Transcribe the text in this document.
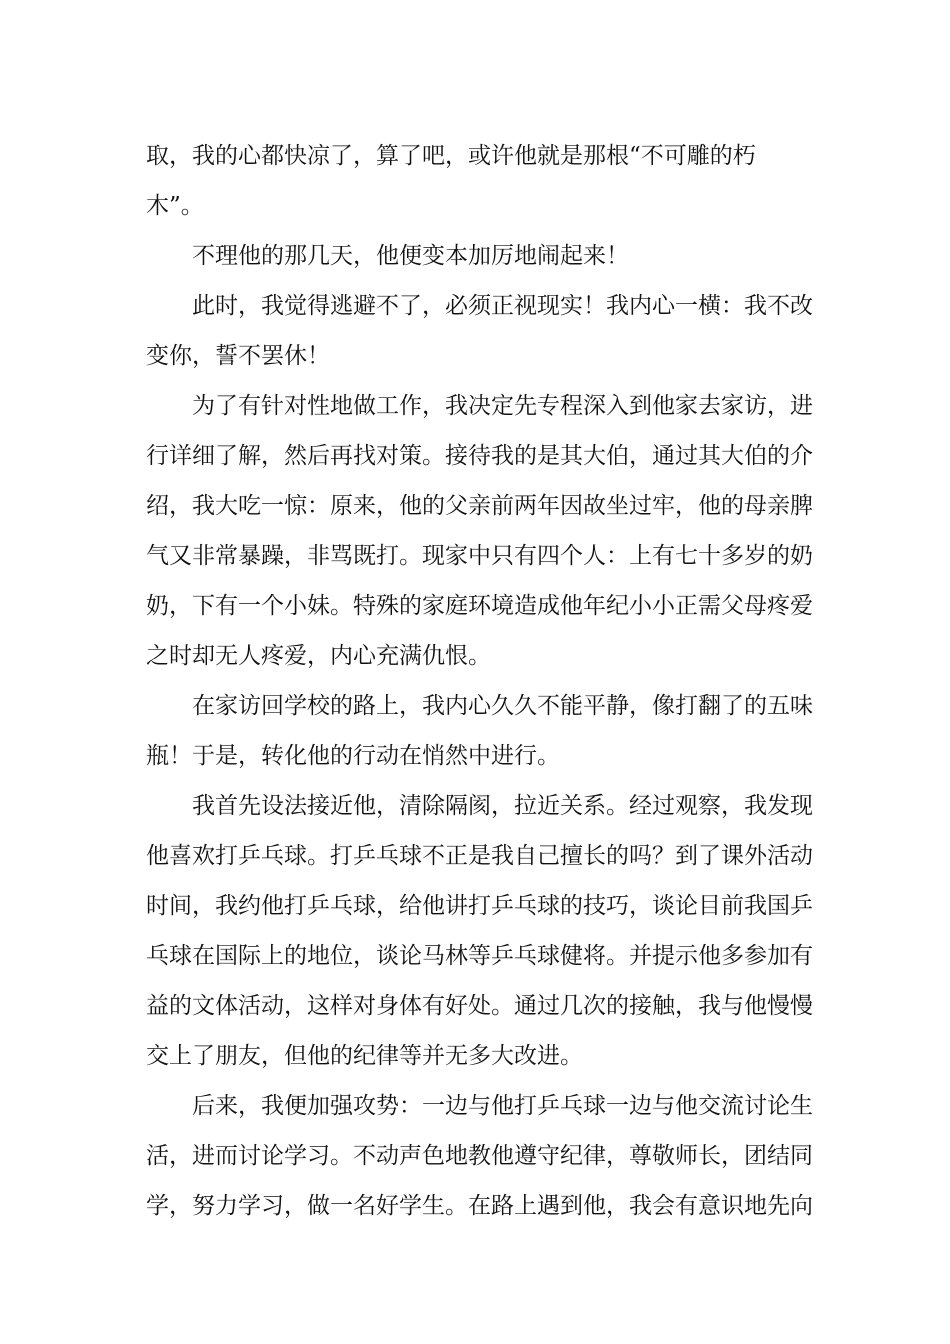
取，我的心都快凉了，算了吧，或许他就是那根“不可雕的朽
木”。
不理他的那几天，他便变本加厉地闹起来！
此时，我觉得逃避不了，必须正视现实！我内心一横：我不改
变你，誓不罢休！
为了有针对性地做工作，我决定先专程深入到他家去家访，进
行详细了解，然后再找对策。接待我的是其大伯，通过其大伯的介
绍，我大吃一惊：原来，他的父亲前两年因故坐过牢，他的母亲脾
气又非常暴躁，非骂既打。现家中只有四个人：上有七十多岁的奶
奶，下有一个小妹。特殊的家庭环境造成他年纪小小正需父母疼爱
之时却无人疼爱，内心充满仇恨。
在家访回学校的路上，我内心久久不能平静，像打翻了的五味
瓶！于是，转化他的行动在悄然中进行。
我首先设法接近他，清除隔阂，拉近关系。经过观察，我发现
他喜欢打乒乓球。打乒乓球不正是我自己擅长的吗？到了课外活动
时间，我约他打乒乓球，给他讲打乒乓球的技巧，谈论目前我国乒
乓球在国际上的地位，谈论马林等乒乓球健将。并提示他多参加有
益的文体活动，这样对身体有好处。通过几次的接触，我与他慢慢
交上了朋友，但他的纪律等并无多大改进。
后来，我便加强攻势：一边与他打乒乓球一边与他交流讨论生
活，进而讨论学习。不动声色地教他遵守纪律，尊敬师长，团结同
学，努力学习，做一名好学生。在路上遇到他，我会有意识地先向
